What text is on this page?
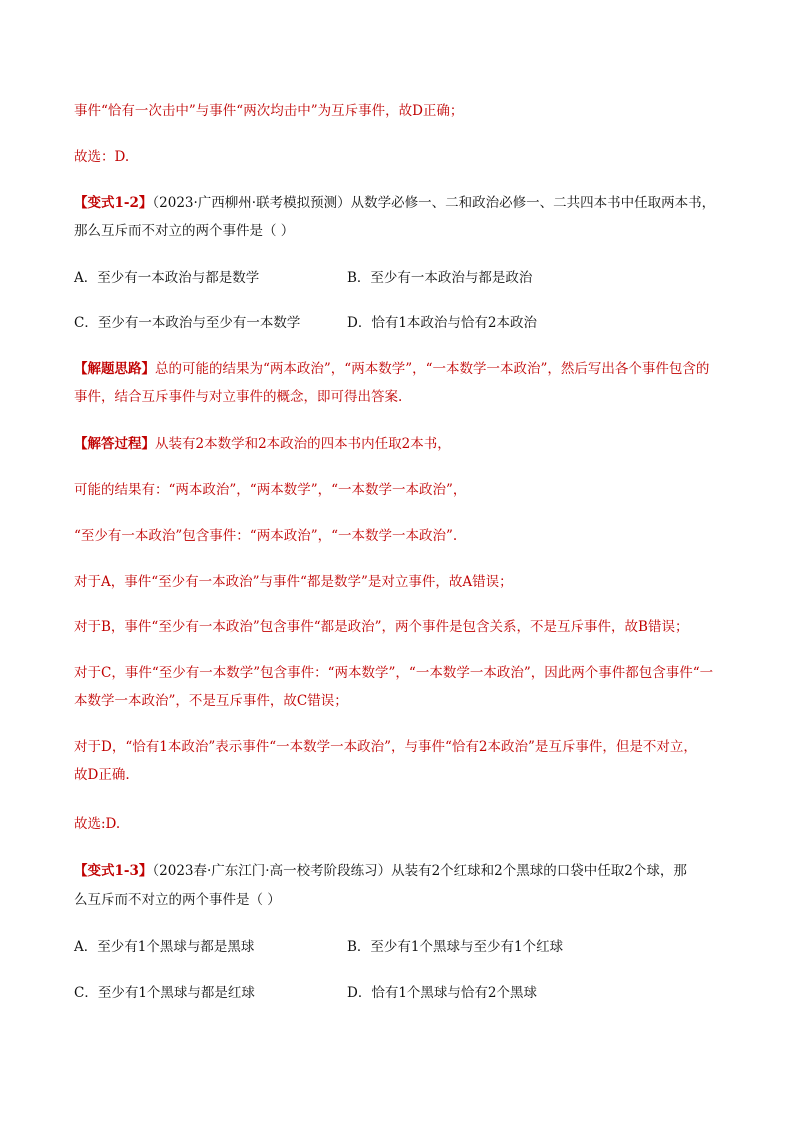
事件“恰有一次击中”与事件“两次均击中”为互斥事件，故D正确；
故选：D.
【变式1-2】（2023·广西柳州·联考模拟预测）从数学必修一、二和政治必修一、二共四本书中任取两本书，
那么互斥而不对立的两个事件是（ ）
A．至少有一本政治与都是数学	B．至少有一本政治与都是政治
C．至少有一本政治与至少有一本数学	D．恰有1本政治与恰有2本政治
【解题思路】总的可能的结果为“两本政治”，“两本数学”，“一本数学一本政治”，然后写出各个事件包含的
事件，结合互斥事件与对立事件的概念，即可得出答案.
【解答过程】从装有2本数学和2本政治的四本书内任取2本书，
可能的结果有：“两本政治”，“两本数学”，“一本数学一本政治”，
“至少有一本政治”包含事件：“两本政治”，“一本数学一本政治”.
对于A，事件“至少有一本政治”与事件“都是数学”是对立事件，故A错误；
对于B，事件“至少有一本政治”包含事件“都是政治”，两个事件是包含关系，不是互斥事件，故B错误；
对于C，事件“至少有一本数学”包含事件：“两本数学”，“一本数学一本政治”，因此两个事件都包含事件“一
本数学一本政治”，不是互斥事件，故C错误；
对于D，“恰有1本政治”表示事件“一本数学一本政治”，与事件“恰有2本政治”是互斥事件，但是不对立，
故D正确.
故选:D.
【变式1-3】（2023春·广东江门·高一校考阶段练习）从装有2个红球和2个黑球的口袋中任取2个球，那
么互斥而不对立的两个事件是（ ）
A．至少有1个黑球与都是黑球	B．至少有1个黑球与至少有1个红球
C．至少有1个黑球与都是红球	D．恰有1个黑球与恰有2个黑球
